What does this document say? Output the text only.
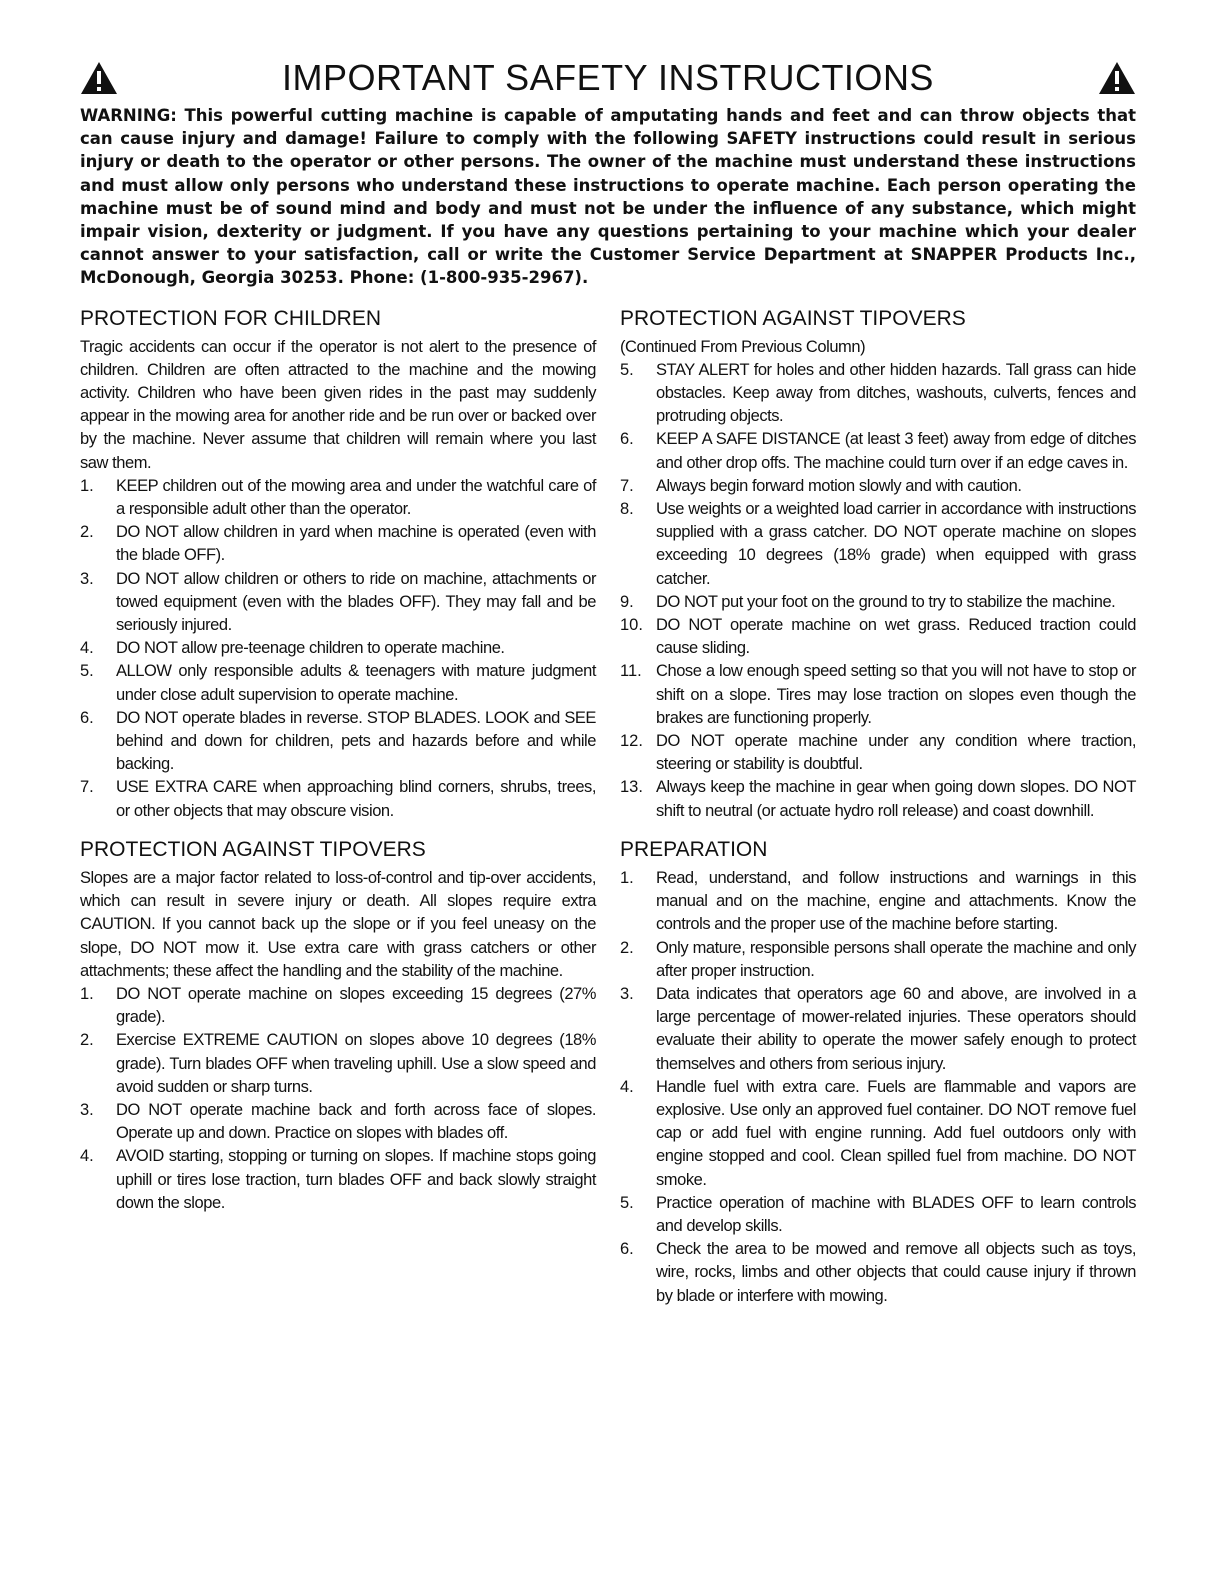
IMPORTANT SAFETY INSTRUCTIONS

WARNING: This powerful cutting machine is capable of amputating hands and feet and can throw objects that can cause injury and damage! Failure to comply with the following SAFETY instructions could result in serious injury or death to the operator or other persons. The owner of the machine must understand these instructions and must allow only persons who understand these instructions to operate machine. Each person operating the machine must be of sound mind and body and must not be under the influence of any substance, which might impair vision, dexterity or judgment. If you have any questions pertaining to your machine which your dealer cannot answer to your satisfaction, call or write the Customer Service Department at SNAPPER Products Inc., McDonough, Georgia 30253. Phone: (1-800-935-2967).

PROTECTION FOR CHILDREN

Tragic accidents can occur if the operator is not alert to the presence of children. Children are often attracted to the machine and the mowing activity. Children who have been given rides in the past may suddenly appear in the mowing area for another ride and be run over or backed over by the machine. Never assume that children will remain where you last saw them.

1.	KEEP children out of the mowing area and under the watchful care of a responsible adult other than the operator.
2.	DO NOT allow children in yard when machine is operated (even with the blade OFF).
3.	DO NOT allow children or others to ride on machine, attachments or towed equipment (even with the blades OFF). They may fall and be seriously injured.
4.	DO NOT allow pre-teenage children to operate machine.
5.	ALLOW only responsible adults & teenagers with mature judgment under close adult supervision to operate machine.
6.	DO NOT operate blades in reverse. STOP BLADES. LOOK and SEE behind and down for children, pets and hazards before and while backing.
7.	USE EXTRA CARE when approaching blind corners, shrubs, trees, or other objects that may obscure vision.
PROTECTION AGAINST TIPOVERS

Slopes are a major factor related to loss-of-control and tip-over accidents, which can result in severe injury or death. All slopes require extra CAUTION. If you cannot back up the slope or if you feel uneasy on the slope, DO NOT mow it. Use extra care with grass catchers or other attachments; these affect the handling and the stability of the machine.

1.	DO NOT operate machine on slopes exceeding 15 degrees (27% grade).
2.	Exercise EXTREME CAUTION on slopes above 10 degrees (18% grade). Turn blades OFF when traveling uphill. Use a slow speed and avoid sudden or sharp turns.
3.	DO NOT operate machine back and forth across face of slopes. Operate up and down. Practice on slopes with blades off.
4.	AVOID starting, stopping or turning on slopes. If machine stops going uphill or tires lose traction, turn blades OFF and back slowly straight down the slope.
PROTECTION AGAINST TIPOVERS

(Continued From Previous Column)

5.	STAY ALERT for holes and other hidden hazards. Tall grass can hide obstacles. Keep away from ditches, washouts, culverts, fences and protruding objects.
6.	KEEP A SAFE DISTANCE (at least 3 feet) away from edge of ditches and other drop offs. The machine could turn over if an edge caves in.
7.	Always begin forward motion slowly and with caution.
8.	Use weights or a weighted load carrier in accordance with instructions supplied with a grass catcher. DO NOT operate machine on slopes exceeding 10 degrees (18% grade) when equipped with grass catcher.
9.	DO NOT put your foot on the ground to try to stabilize the machine.
10. DO NOT operate machine on wet grass. Reduced traction could cause sliding.
11. Chose a low enough speed setting so that you will not have to stop or shift on a slope. Tires may lose traction on slopes even though the brakes are functioning properly.
12. DO NOT operate machine under any condition where traction, steering or stability is doubtful.
13. Always keep the machine in gear when going down slopes. DO NOT shift to neutral (or actuate hydro roll release) and coast downhill.
PREPARATION
1.	Read, understand, and follow instructions and warnings in this manual and on the machine, engine and attachments. Know the controls and the proper use of the machine before starting.
2.	Only mature, responsible persons shall operate the machine and only after proper instruction.
3.	Data indicates that operators age 60 and above, are involved in a large percentage of mower-related injuries. These operators should evaluate their ability to operate the mower safely enough to protect themselves and others from serious injury.
4.	Handle fuel with extra care. Fuels are flammable and vapors are explosive. Use only an approved fuel container. DO NOT remove fuel cap or add fuel with engine running. Add fuel outdoors only with engine stopped and cool. Clean spilled fuel from machine. DO NOT smoke.
5.	Practice operation of machine with BLADES OFF to learn controls and develop skills.
6.	Check the area to be mowed and remove all objects such as toys, wire, rocks, limbs and other objects that could cause injury if thrown by blade or interfere with mowing.
